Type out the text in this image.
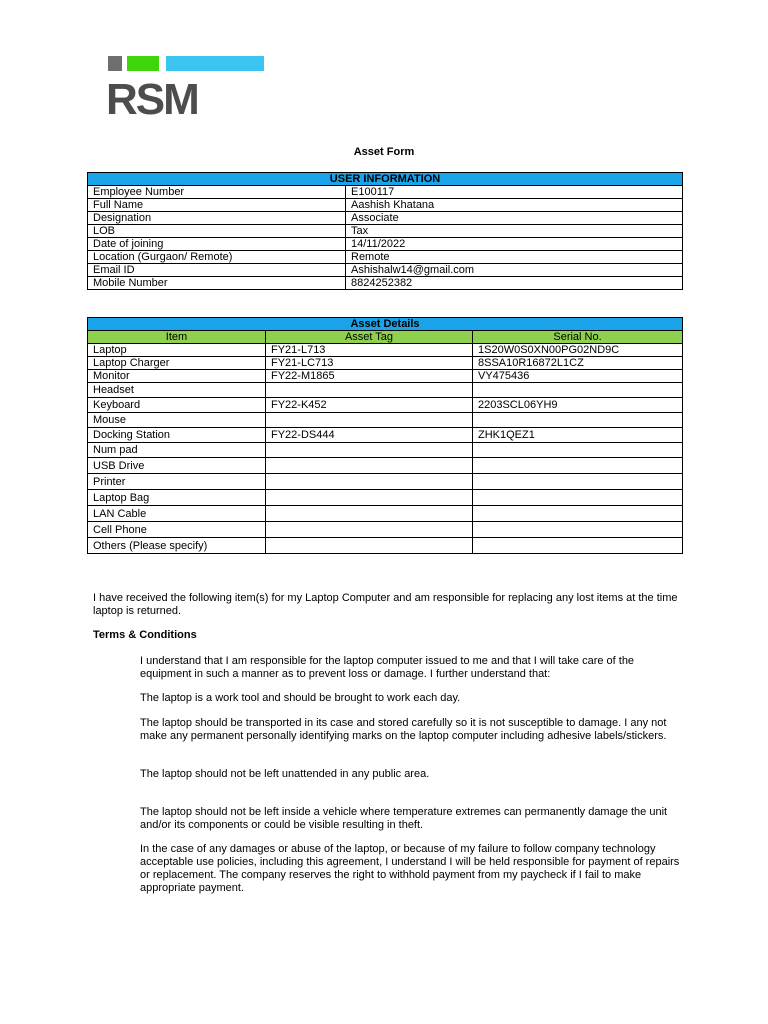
RSM
Asset Form
USER INFORMATION	
Employee Number	E100117
Full Name	Aashish Khatana
Designation	Associate
LOB	Tax
Date of joining	14/11/2022
Location (Gurgaon/ Remote)	Remote
Email ID	Ashishalw14@gmail.com
Mobile Number	8824252382
Asset Details		
Item	Asset Tag	Serial No.
Laptop	FY21-L713	1S20W0S0XN00PG02ND9C
Laptop Charger	FY21-LC713	8SSA10R16872L1CZ
Monitor	FY22-M1865	VY475436
Headset		
Keyboard	FY22-K452	2203SCL06YH9
Mouse		
Docking Station	FY22-DS444	ZHK1QEZ1
Num pad		
USB Drive		
Printer		
Laptop Bag		
LAN Cable		
Cell Phone		
Others (Please specify)		

I have received the following item(s) for my Laptop Computer and am responsible for replacing any lost items at the time laptop is returned.

Terms & Conditions

I understand that I am responsible for the laptop computer issued to me and that I will take care of the equipment in such a manner as to prevent loss or damage. I further understand that:

The laptop is a work tool and should be brought to work each day.

The laptop should be transported in its case and stored carefully so it is not susceptible to damage. I any not make any permanent personally identifying marks on the laptop computer including adhesive labels/stickers.

The laptop should not be left unattended in any public area.

The laptop should not be left inside a vehicle where temperature extremes can permanently damage the unit and/or its components or could be visible resulting in theft.

In the case of any damages or abuse of the laptop, or because of my failure to follow company technology acceptable use policies, including this agreement, I understand I will be held responsible for payment of repairs or replacement. The company reserves the right to withhold payment from my paycheck if I fail to make appropriate payment.
